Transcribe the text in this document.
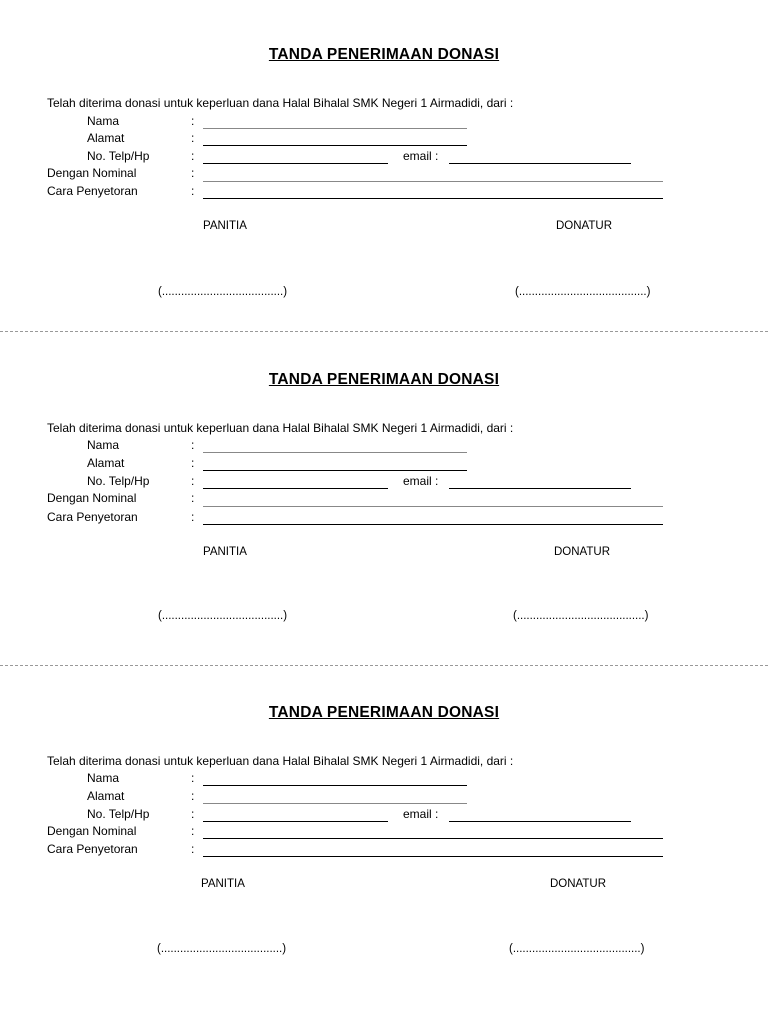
TANDA PENERIMAAN DONASI
Telah diterima donasi untuk keperluan dana Halal Bihalal SMK Negeri 1 Airmadidi, dari :
Nama	:
Alamat	:
No. Telp/Hp	:	email :
Dengan Nominal	:
Cara Penyetoran	:
PANITIA	DONATUR
(......................................)	(........................................)
TANDA PENERIMAAN DONASI
Telah diterima donasi untuk keperluan dana Halal Bihalal SMK Negeri 1 Airmadidi, dari :
Nama	:
Alamat	:
No. Telp/Hp	:	email :
Dengan Nominal	:
Cara Penyetoran	:
PANITIA	DONATUR
(......................................)	(........................................)
TANDA PENERIMAAN DONASI
Telah diterima donasi untuk keperluan dana Halal Bihalal SMK Negeri 1 Airmadidi, dari :
Nama	:
Alamat	:
No. Telp/Hp	:	email :
Dengan Nominal	:
Cara Penyetoran	:
PANITIA	DONATUR
(......................................)	(........................................)
